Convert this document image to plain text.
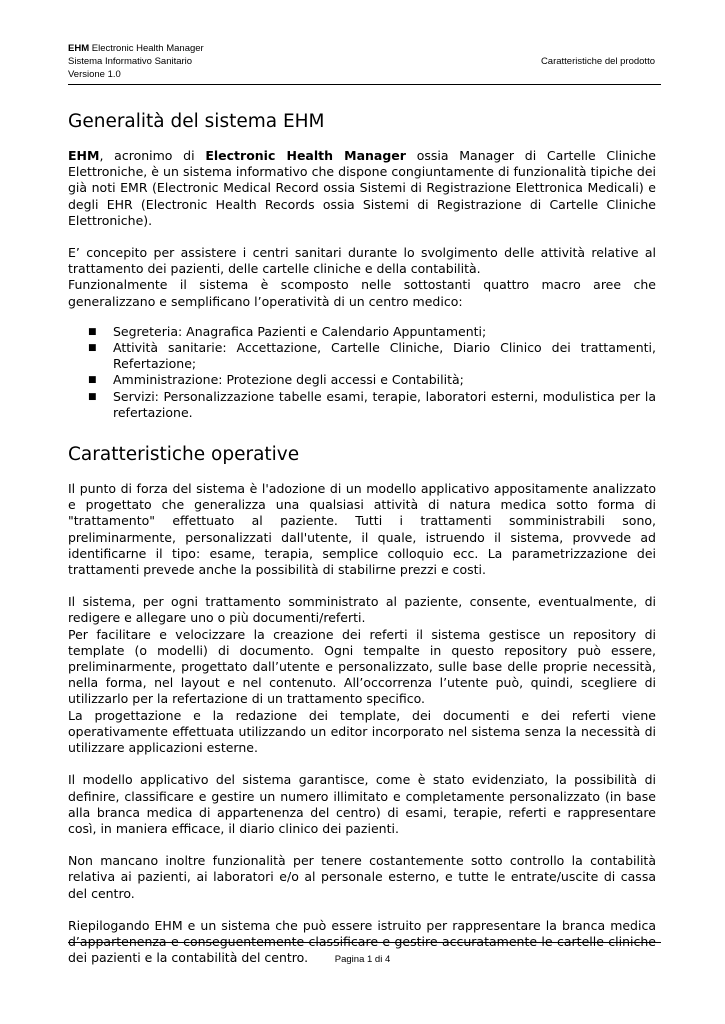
EHM Electronic Health Manager
Sistema Informativo Sanitario
Versione 1.0
Caratteristiche del prodotto
Generalità del sistema EHM

EHM, acronimo di Electronic Health Manager ossia Manager di Cartelle Cliniche Elettroniche, è un sistema informativo che dispone congiuntamente di funzionalità tipiche dei già noti EMR (Electronic Medical Record ossia Sistemi di Registrazione Elettronica Medicali) e degli EHR (Electronic Health Records ossia Sistemi di Registrazione di Cartelle Cliniche Elettroniche).

E’ concepito per assistere i centri sanitari durante lo svolgimento delle attività relative al trattamento dei pazienti, delle cartelle cliniche e della contabilità.

Funzionalmente il sistema è scomposto nelle sottostanti quattro macro aree che generalizzano e semplificano l’operatività di un centro medico:

■ Segreteria: Anagrafica Pazienti e Calendario Appuntamenti;
■ Attività sanitarie: Accettazione, Cartelle Cliniche, Diario Clinico dei trattamenti, Refertazione;
■ Amministrazione: Protezione degli accessi e Contabilità;
■ Servizi: Personalizzazione tabelle esami, terapie, laboratori esterni, modulistica per la refertazione.
Caratteristiche operative

Il punto di forza del sistema è l'adozione di un modello applicativo appositamente analizzato e progettato che generalizza una qualsiasi attività di natura medica sotto forma di "trattamento" effettuato al paziente. Tutti i trattamenti somministrabili sono, preliminarmente, personalizzati dall'utente, il quale, istruendo il sistema, provvede ad identificarne il tipo: esame, terapia, semplice colloquio ecc. La parametrizzazione dei trattamenti prevede anche la possibilità di stabilirne prezzi e costi.

Il sistema, per ogni trattamento somministrato al paziente, consente, eventualmente, di redigere e allegare uno o più documenti/referti.

Per facilitare e velocizzare la creazione dei referti il sistema gestisce un repository di template (o modelli) di documento. Ogni tempalte in questo repository può essere, preliminarmente, progettato dall’utente e personalizzato, sulle base delle proprie necessità, nella forma, nel layout e nel contenuto. All’occorrenza l’utente può, quindi, scegliere di utilizzarlo per la refertazione di un trattamento specifico.

La progettazione e la redazione dei template, dei documenti e dei referti viene operativamente effettuata utilizzando un editor incorporato nel sistema senza la necessità di utilizzare applicazioni esterne.

Il modello applicativo del sistema garantisce, come è stato evidenziato, la possibilità di definire, classificare e gestire un numero illimitato e completamente personalizzato (in base alla branca medica di appartenenza del centro) di esami, terapie, referti e rappresentare così, in maniera efficace, il diario clinico dei pazienti.

Non mancano inoltre funzionalità per tenere costantemente sotto controllo la contabilità relativa ai pazienti, ai laboratori e/o al personale esterno, e tutte le entrate/uscite di cassa del centro.

Riepilogando EHM e un sistema che può essere istruito per rappresentare la branca medica d’appartenenza e conseguentemente classificare e gestire accuratamente le cartelle cliniche dei pazienti e la contabilità del centro.	Pagina 1 di 4
